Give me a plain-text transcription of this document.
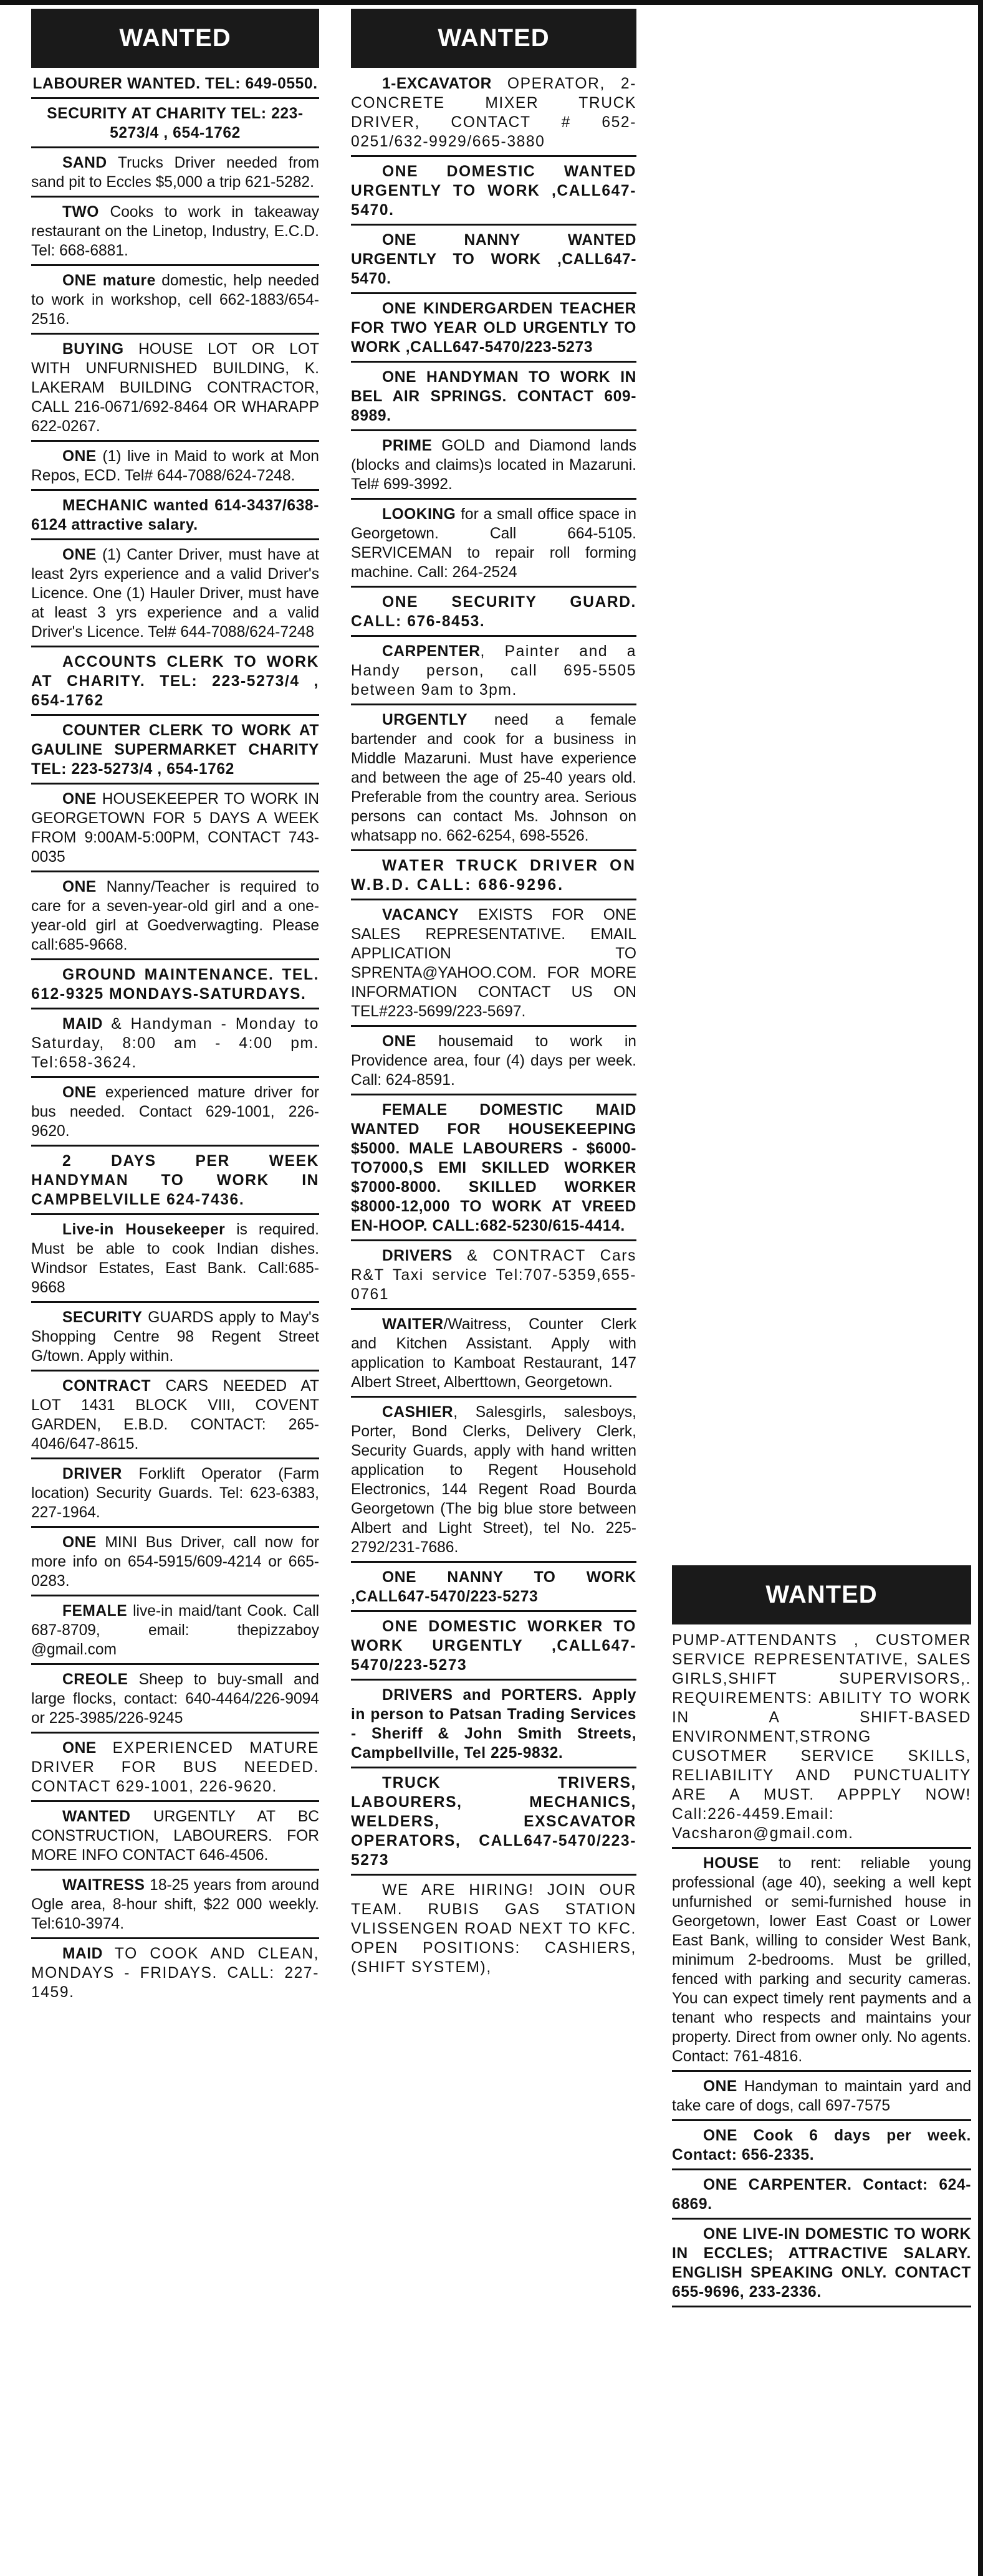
WANTED

LABOURER WANTED. TEL: 649-0550.

SECURITY AT CHARITY TEL: 223-5273/4 , 654-1762

SAND Trucks Driver needed from sand pit to Eccles $5,000 a trip 621-5282.

TWO Cooks to work in takeaway restaurant on the Linetop, Industry, E.C.D. Tel: 668-6881.

ONE mature domestic, help needed to work in workshop, cell 662-1883/654-2516.

BUYING HOUSE LOT OR LOT WITH UNFURNISHED BUILDING, K. LAKERAM BUILDING CONTRACTOR, CALL 216-0671/692-8464 OR WHARAPP 622-0267.

ONE (1) live in Maid to work at Mon Repos, ECD. Tel# 644-7088/624-7248.

MECHANIC wanted 614-3437/638-6124 attractive salary.

ONE (1) Canter Driver, must have at least 2yrs experience and a valid Driver's Licence. One (1) Hauler Driver, must have at least 3 yrs experience and a valid Driver's Licence. Tel# 644-7088/624-7248

ACCOUNTS CLERK TO WORK AT CHARITY. TEL: 223-5273/4 , 654-1762

COUNTER CLERK TO WORK AT GAULINE SUPERMARKET CHARITY TEL: 223-5273/4 , 654-1762

ONE HOUSEKEEPER TO WORK IN GEORGETOWN FOR 5 DAYS A WEEK FROM 9:00AM-5:00PM, CONTACT 743-0035

ONE Nanny/Teacher is required to care for a seven-year-old girl and a one-year-old girl at Goedverwagting. Please call:685-9668.

GROUND MAINTENANCE. TEL. 612-9325 MONDAYS-SATURDAYS.

MAID & Handyman - Monday to Saturday, 8:00 am - 4:00 pm. Tel:658-3624.

ONE experienced mature driver for bus needed. Contact 629-1001, 226-9620.

2 DAYS PER WEEK HANDYMAN TO WORK IN CAMPBELVILLE 624-7436.

Live-in Housekeeper is required. Must be able to cook Indian dishes. Windsor Estates, East Bank. Call:685-9668

SECURITY GUARDS apply to May's Shopping Centre 98 Regent Street G/town. Apply within.

CONTRACT CARS NEEDED AT LOT 1431 BLOCK VIII, COVENT GARDEN, E.B.D. CONTACT: 265-4046/647-8615.

DRIVER Forklift Operator (Farm location) Security Guards. Tel: 623-6383, 227-1964.

ONE MINI Bus Driver, call now for more info on 654-5915/609-4214 or 665-0283.

FEMALE live-in maid/tant Cook. Call 687-8709, email: thepizzaboy @gmail.com

CREOLE Sheep to buy-small and large flocks, contact: 640-4464/226-9094 or 225-3985/226-9245

ONE EXPERIENCED MATURE DRIVER FOR BUS NEEDED. CONTACT 629-1001, 226-9620.

WANTED URGENTLY AT BC CONSTRUCTION, LABOURERS. FOR MORE INFO CONTACT 646-4506.

WAITRESS 18-25 years from around Ogle area, 8-hour shift, $22 000 weekly. Tel:610-3974.

MAID TO COOK AND CLEAN, MONDAYS - FRIDAYS. CALL: 227-1459.

WANTED

1-EXCAVATOR OPERATOR, 2- CONCRETE MIXER TRUCK DRIVER, CONTACT # 652-0251/632-9929/665-3880

ONE DOMESTIC WANTED URGENTLY TO WORK ,CALL647-5470.

ONE NANNY WANTED URGENTLY TO WORK ,CALL647-5470.

ONE KINDERGARDEN TEACHER FOR TWO YEAR OLD URGENTLY TO WORK ,CALL647-5470/223-5273

ONE HANDYMAN TO WORK IN BEL AIR SPRINGS. CONTACT 609-8989.

PRIME GOLD and Diamond lands (blocks and claims)s located in Mazaruni. Tel# 699-3992.

LOOKING for a small office space in Georgetown. Call 664-5105. SERVICEMAN to repair roll forming machine. Call: 264-2524

ONE SECURITY GUARD. CALL: 676-8453.

CARPENTER, Painter and a Handy person, call 695-5505 between 9am to 3pm.

URGENTLY need a female bartender and cook for a business in Middle Mazaruni. Must have experience and between the age of 25-40 years old. Preferable from the country area. Serious persons can contact Ms. Johnson on whatsapp no. 662-6254, 698-5526.

WATER TRUCK DRIVER ON W.B.D. CALL: 686-9296.

VACANCY EXISTS FOR ONE SALES REPRESENTATIVE. EMAIL APPLICATION TO SPRENTA@YAHOO.COM. FOR MORE INFORMATION CONTACT US ON TEL#223-5699/223-5697.

ONE housemaid to work in Providence area, four (4) days per week. Call: 624-8591.

FEMALE DOMESTIC MAID WANTED FOR HOUSEKEEPING $5000. MALE LABOURERS - $6000-TO7000,S EMI SKILLED WORKER $7000-8000. SKILLED WORKER $8000-12,000 TO WORK AT VREED EN-HOOP. CALL:682-5230/615-4414.

DRIVERS & CONTRACT Cars R&T Taxi service Tel:707-5359,655-0761

WAITER/Waitress, Counter Clerk and Kitchen Assistant. Apply with application to Kamboat Restaurant, 147 Albert Street, Alberttown, Georgetown.

CASHIER, Salesgirls, salesboys, Porter, Bond Clerks, Delivery Clerk, Security Guards, apply with hand written application to Regent Household Electronics, 144 Regent Road Bourda Georgetown (The big blue store between Albert and Light Street), tel No. 225-2792/231-7686.

ONE NANNY TO WORK ,CALL647-5470/223-5273

ONE DOMESTIC WORKER TO WORK URGENTLY ,CALL647-5470/223-5273

DRIVERS and PORTERS. Apply in person to Patsan Trading Services - Sheriff & John Smith Streets, Campbellville, Tel 225-9832.

TRUCK TRIVERS, LABOURERS, MECHANICS, WELDERS, EXSCAVATOR OPERATORS, CALL647-5470/223-5273

WE ARE HIRING! JOIN OUR TEAM. RUBIS GAS STATION VLISSENGEN ROAD NEXT TO KFC. OPEN POSITIONS: CASHIERS, (SHIFT SYSTEM),

WANTED

PUMP-ATTENDANTS , CUSTOMER SERVICE REPRESENTATIVE, SALES GIRLS,SHIFT SUPERVISORS,. REQUIREMENTS: ABILITY TO WORK IN A SHIFT-BASED ENVIRONMENT,STRONG CUSOTMER SERVICE SKILLS, RELIABILITY AND PUNCTUALITY ARE A MUST. APPPLY NOW! Call:226-4459.Email: Vacsharon@gmail.com.

HOUSE to rent: reliable young professional (age 40), seeking a well kept unfurnished or semi-furnished house in Georgetown, lower East Coast or Lower East Bank, willing to consider West Bank, minimum 2-bedrooms. Must be grilled, fenced with parking and security cameras. You can expect timely rent payments and a tenant who respects and maintains your property. Direct from owner only. No agents. Contact: 761-4816.

ONE Handyman to maintain yard and take care of dogs, call 697-7575

ONE Cook 6 days per week. Contact: 656-2335.

ONE CARPENTER. Contact: 624-6869.

ONE LIVE-IN DOMESTIC TO WORK IN ECCLES; ATTRACTIVE SALARY. ENGLISH SPEAKING ONLY. CONTACT 655-9696, 233-2336.
